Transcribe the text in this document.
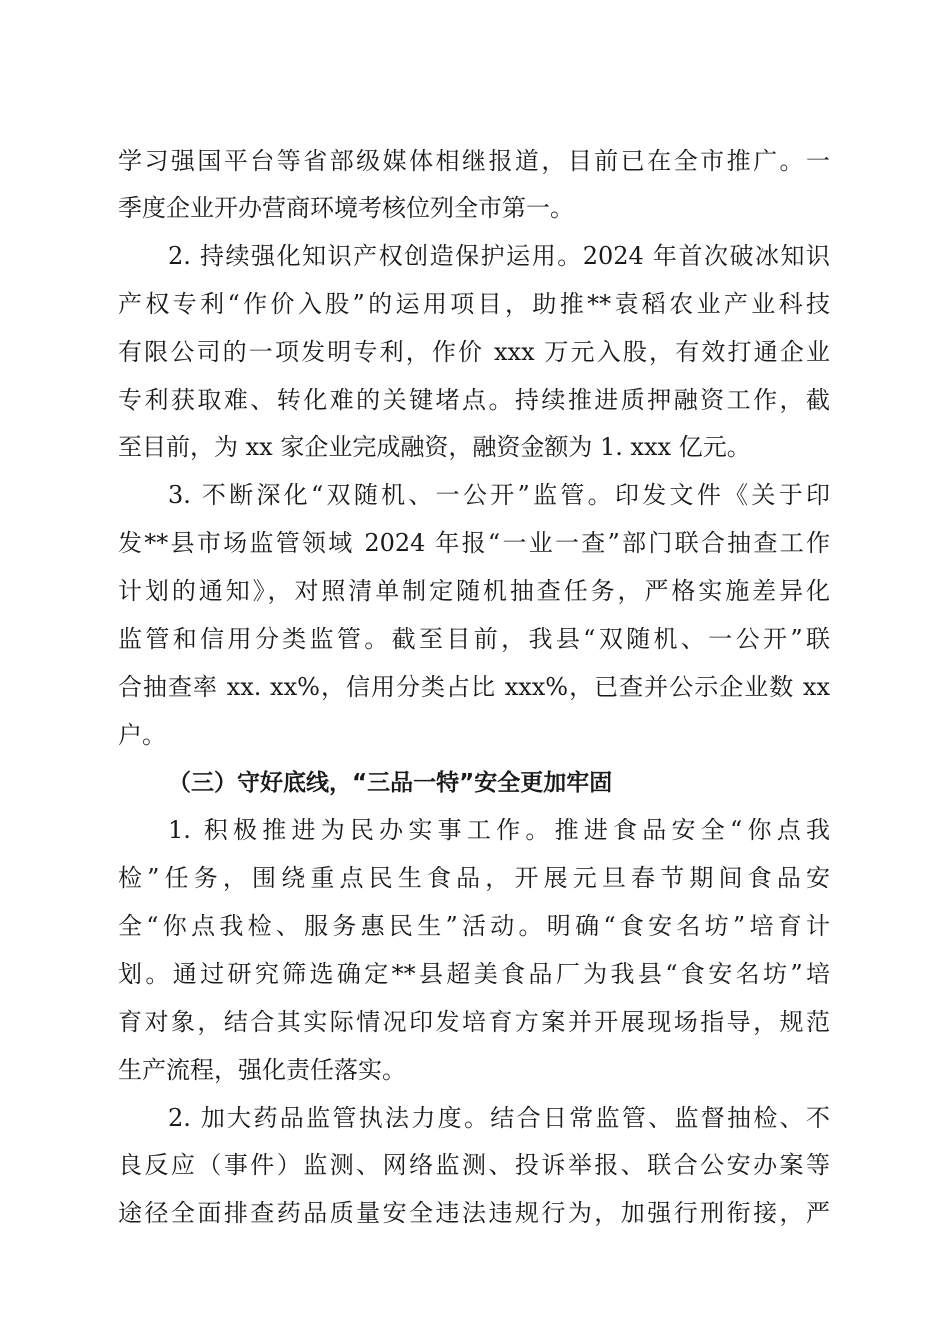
学习强国平台等省部级媒体相继报道，目前已在全市推广。一
季度企业开办营商环境考核位列全市第一。
2. 持续强化知识产权创造保护运用。2024 年首次破冰知识
产权专利“作价入股”的运用项目，助推**袁稻农业产业科技
有限公司的一项发明专利，作价 xxx 万元入股，有效打通企业
专利获取难、转化难的关键堵点。持续推进质押融资工作，截
至目前，为 xx 家企业完成融资，融资金额为 1. xxx 亿元。
3. 不断深化“双随机、一公开”监管。印发文件《关于印
发**县市场监管领域 2024 年报“一业一查”部门联合抽查工作
计划的通知》，对照清单制定随机抽查任务，严格实施差异化
监管和信用分类监管。截至目前，我县“双随机、一公开”联
合抽查率 xx. xx%，信用分类占比 xxx%，已查并公示企业数 xx
户。
（三）守好底线，“三品一特”安全更加牢固
1. 积极推进为民办实事工作。推进食品安全“你点我
检”任务，围绕重点民生食品，开展元旦春节期间食品安
全“你点我检、服务惠民生”活动。明确“食安名坊”培育计
划。通过研究筛选确定**县超美食品厂为我县“食安名坊”培
育对象，结合其实际情况印发培育方案并开展现场指导，规范
生产流程，强化责任落实。
2. 加大药品监管执法力度。结合日常监管、监督抽检、不
良反应（事件）监测、网络监测、投诉举报、联合公安办案等
途径全面排查药品质量安全违法违规行为，加强行刑衔接，严
